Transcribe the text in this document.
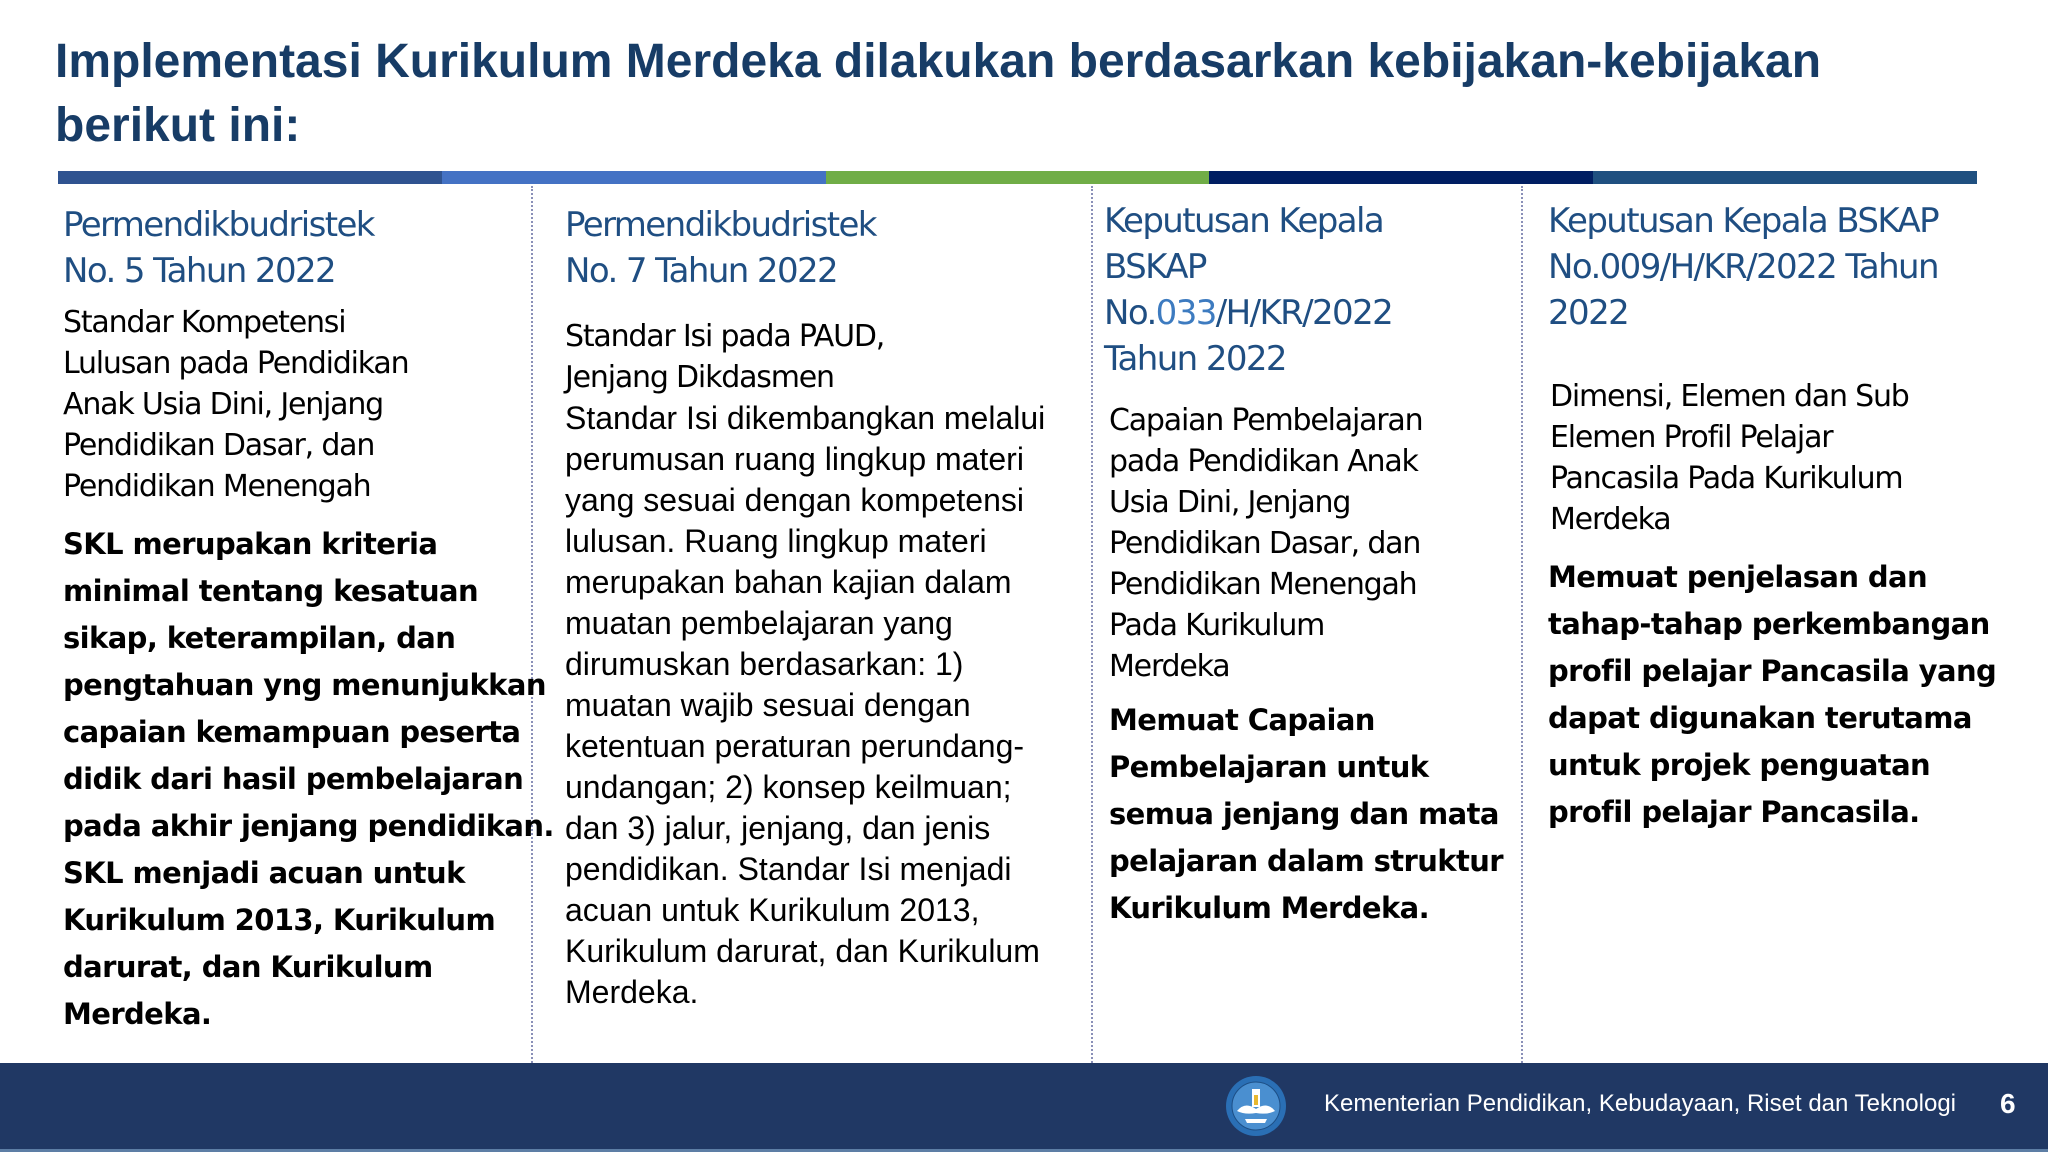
Implementasi Kurikulum Merdeka dilakukan berdasarkan kebijakan-kebijakan
berikut ini:
Permendikbudristek
No. 5 Tahun 2022
Standar Kompetensi
Lulusan pada Pendidikan
Anak Usia Dini, Jenjang
Pendidikan Dasar, dan
Pendidikan Menengah
SKL merupakan kriteria
minimal tentang kesatuan
sikap, keterampilan, dan
pengtahuan yng menunjukkan
capaian kemampuan peserta
didik dari hasil pembelajaran
pada akhir jenjang pendidikan.
SKL menjadi acuan untuk
Kurikulum 2013, Kurikulum
darurat, dan Kurikulum
Merdeka.
Permendikbudristek
No. 7 Tahun 2022
Standar Isi pada PAUD,
Jenjang Dikdasmen
Standar Isi dikembangkan melalui
perumusan ruang lingkup materi
yang sesuai dengan kompetensi
lulusan. Ruang lingkup materi
merupakan bahan kajian dalam
muatan pembelajaran yang
dirumuskan berdasarkan: 1)
muatan wajib sesuai dengan
ketentuan peraturan perundang-
undangan; 2) konsep keilmuan;
dan 3) jalur, jenjang, dan jenis
pendidikan. Standar Isi menjadi
acuan untuk Kurikulum 2013,
Kurikulum darurat, dan Kurikulum
Merdeka.
Keputusan Kepala
BSKAP
No.033/H/KR/2022
Tahun 2022
Capaian Pembelajaran
pada Pendidikan Anak
Usia Dini, Jenjang
Pendidikan Dasar, dan
Pendidikan Menengah
Pada Kurikulum
Merdeka
Memuat Capaian
Pembelajaran untuk
semua jenjang dan mata
pelajaran dalam struktur
Kurikulum Merdeka.
Keputusan Kepala BSKAP
No.009/H/KR/2022 Tahun
2022
Dimensi, Elemen dan Sub
Elemen Profil Pelajar
Pancasila Pada Kurikulum
Merdeka
Memuat penjelasan dan
tahap-tahap perkembangan
profil pelajar Pancasila yang
dapat digunakan terutama
untuk projek penguatan
profil pelajar Pancasila.
Kementerian Pendidikan, Kebudayaan, Riset dan Teknologi 6
